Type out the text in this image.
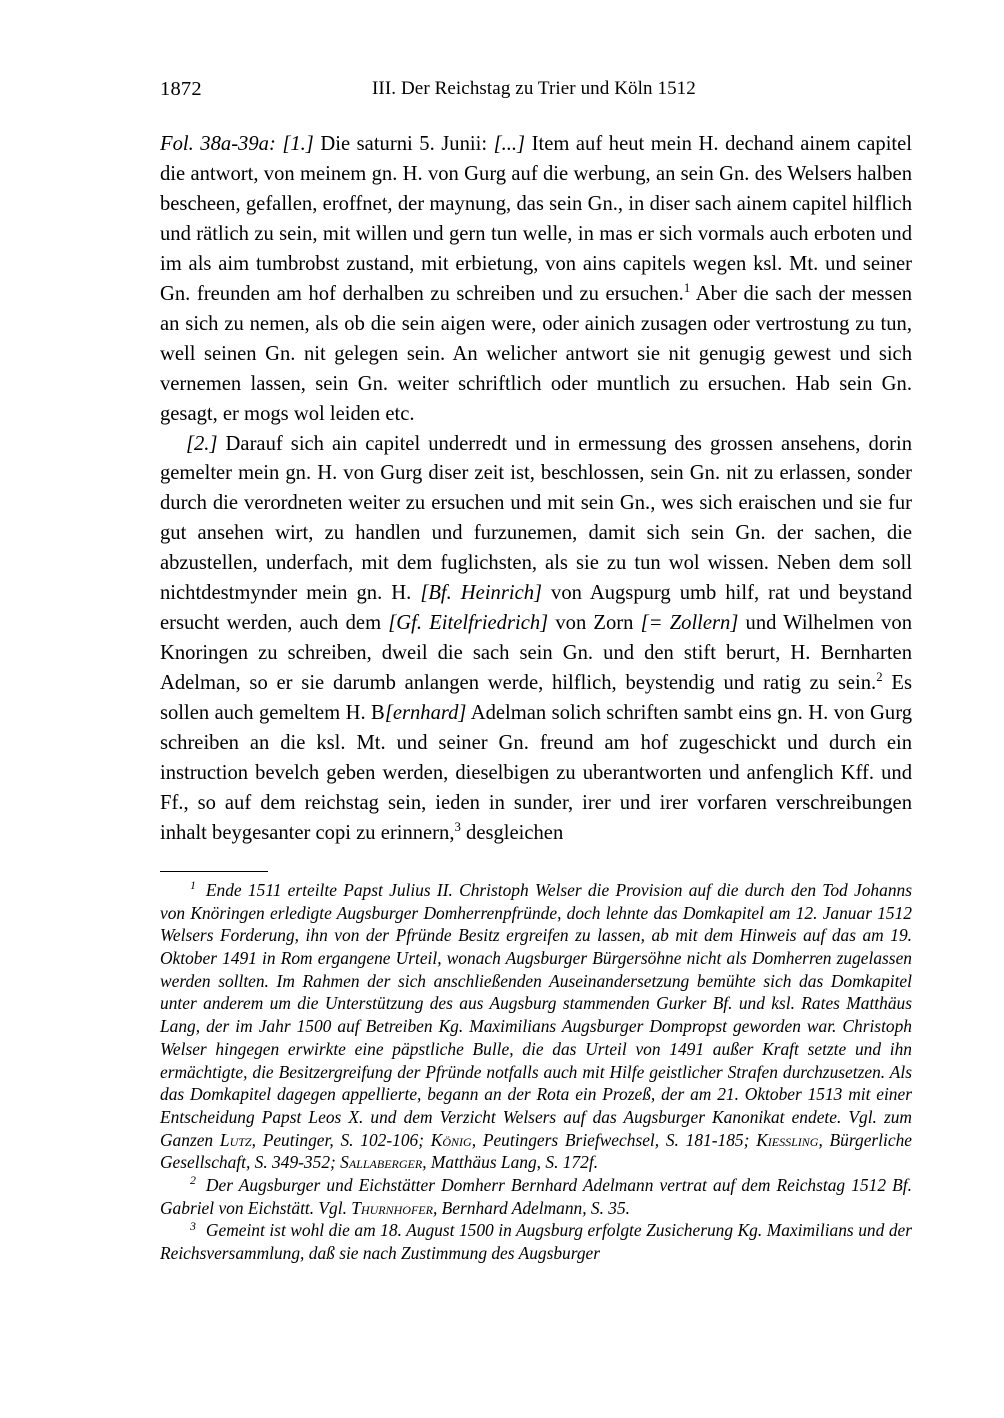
1872	III. Der Reichstag zu Trier und Köln 1512

Fol. 38a-39a: [1.] Die saturni 5. Junii: [...] Item auf heut mein H. dechand ainem capitel die antwort, von meinem gn. H. von Gurg auf die werbung, an sein Gn. des Welsers halben bescheen, gefallen, eroffnet, der maynung, das sein Gn., in diser sach ainem capitel hilflich und rätlich zu sein, mit willen und gern tun welle, in mas er sich vormals auch erboten und im als aim tumbrobst zustand, mit erbietung, von ains capitels wegen ksl. Mt. und seiner Gn. freunden am hof derhalben zu schreiben und zu ersuchen.$^1$ Aber die sach der messen an sich zu nemen, als ob die sein aigen were, oder ainich zusagen oder vertrostung zu tun, well seinen Gn. nit gelegen sein. An welicher antwort sie nit genugig gewest und sich vernemen lassen, sein Gn. weiter schriftlich oder muntlich zu ersuchen. Hab sein Gn. gesagt, er mogs wol leiden etc.

[2.] Darauf sich ain capitel underredt und in ermessung des grossen ansehens, dorin gemelter mein gn. H. von Gurg diser zeit ist, beschlossen, sein Gn. nit zu erlassen, sonder durch die verordneten weiter zu ersuchen und mit sein Gn., wes sich eraischen und sie fur gut ansehen wirt, zu handlen und furzunemen, damit sich sein Gn. der sachen, die abzustellen, underfach, mit dem fuglichsten, als sie zu tun wol wissen. Neben dem soll nichtdestmynder mein gn. H. [Bf. Heinrich] von Augspurg umb hilf, rat und beystand ersucht werden, auch dem [Gf. Eitelfriedrich] von Zorn [= Zollern] und Wilhelmen von Knoringen zu schreiben, dweil die sach sein Gn. und den stift berurt, H. Bernharten Adelman, so er sie darumb anlangen werde, hilflich, beystendig und ratig zu sein.$^2$ Es sollen auch gemeltem H. B[ernhard] Adelman solich schriften sambt eins gn. H. von Gurg schreiben an die ksl. Mt. und seiner Gn. freund am hof zugeschickt und durch ein instruction bevelch geben werden, dieselbigen zu uberantworten und anfenglich Kff. und Ff., so auf dem reichstag sein, ieden in sunder, irer und irer vorfaren verschreibungen inhalt beygesanter copi zu erinnern,$^3$ desgleichen

$^1$ Ende 1511 erteilte Papst Julius II. Christoph Welser die Provision auf die durch den Tod Johanns von Knöringen erledigte Augsburger Domherrenpfründe, doch lehnte das Domkapitel am 12. Januar 1512 Welsers Forderung, ihn von der Pfründe Besitz ergreifen zu lassen, ab mit dem Hinweis auf das am 19. Oktober 1491 in Rom ergangene Urteil, wonach Augsburger Bürgersöhne nicht als Domherren zugelassen werden sollten. Im Rahmen der sich anschließenden Auseinandersetzung bemühte sich das Domkapitel unter anderem um die Unterstützung des aus Augsburg stammenden Gurker Bf. und ksl. Rates Matthäus Lang, der im Jahr 1500 auf Betreiben Kg. Maximilians Augsburger Dompropst geworden war. Christoph Welser hingegen erwirkte eine päpstliche Bulle, die das Urteil von 1491 außer Kraft setzte und ihn ermächtigte, die Besitzergreifung der Pfründe notfalls auch mit Hilfe geistlicher Strafen durchzusetzen. Als das Domkapitel dagegen appellierte, begann an der Rota ein Prozeß, der am 21. Oktober 1513 mit einer Entscheidung Papst Leos X. und dem Verzicht Welsers auf das Augsburger Kanonikat endete. Vgl. zum Ganzen Lutz, Peutinger, S. 102-106; König, Peutingers Briefwechsel, S. 181-185; Kiessling, Bürgerliche Gesellschaft, S. 349-352; Sallaberger, Matthäus Lang, S. 172f.

$^2$ Der Augsburger und Eichstätter Domherr Bernhard Adelmann vertrat auf dem Reichstag 1512 Bf. Gabriel von Eichstätt. Vgl. Thurnhofer, Bernhard Adelmann, S. 35.

$^3$ Gemeint ist wohl die am 18. August 1500 in Augsburg erfolgte Zusicherung Kg. Maximilians und der Reichsversammlung, daß sie nach Zustimmung des Augsburger
